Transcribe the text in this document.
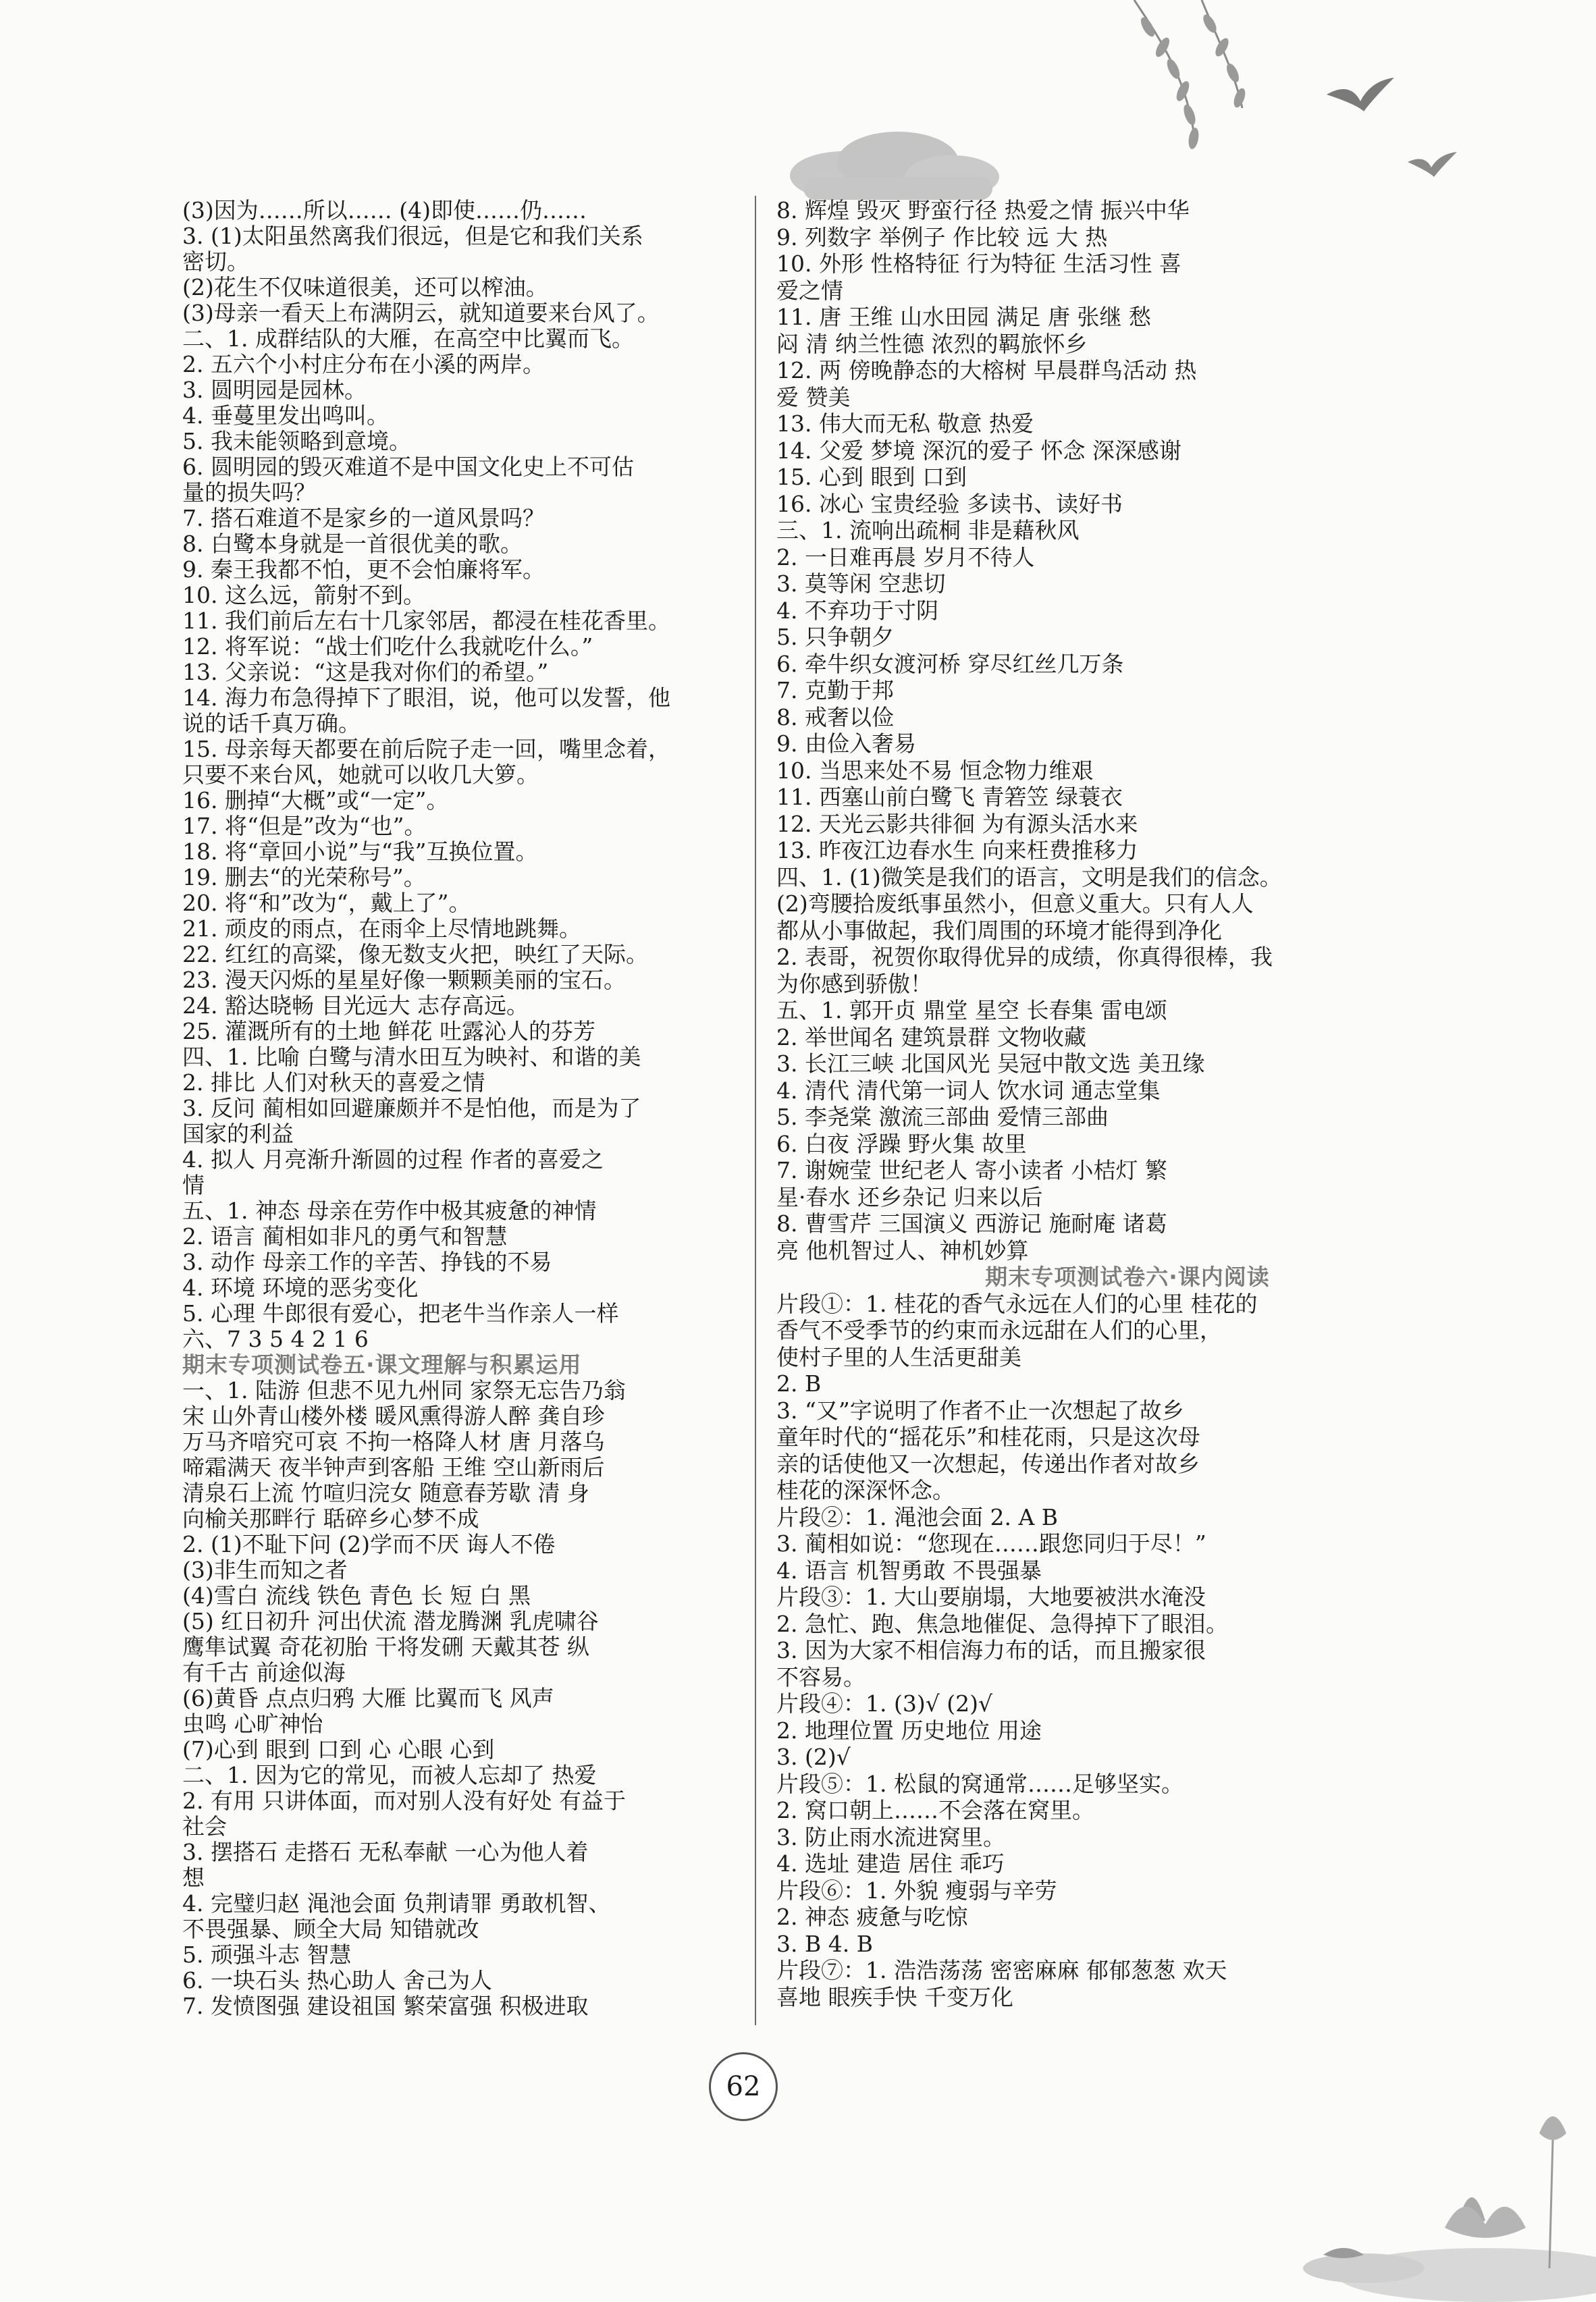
(3)因为……所以…… (4)即使……仍……
3. (1)太阳虽然离我们很远，但是它和我们关系
密切。
(2)花生不仅味道很美，还可以榨油。
(3)母亲一看天上布满阴云，就知道要来台风了。
二、1. 成群结队的大雁，在高空中比翼而飞。
2. 五六个小村庄分布在小溪的两岸。
3. 圆明园是园林。
4. 垂蔓里发出鸣叫。
5. 我未能领略到意境。
6. 圆明园的毁灭难道不是中国文化史上不可估
量的损失吗？
7. 搭石难道不是家乡的一道风景吗？
8. 白鹭本身就是一首很优美的歌。
9. 秦王我都不怕，更不会怕廉将军。
10. 这么远，箭射不到。
11. 我们前后左右十几家邻居，都浸在桂花香里。
12. 将军说：“战士们吃什么我就吃什么。”
13. 父亲说：“这是我对你们的希望。”
14. 海力布急得掉下了眼泪，说，他可以发誓，他
说的话千真万确。
15. 母亲每天都要在前后院子走一回，嘴里念着，
只要不来台风，她就可以收几大箩。
16. 删掉“大概”或“一定”。
17. 将“但是”改为“也”。
18. 将“章回小说”与“我”互换位置。
19. 删去“的光荣称号”。
20. 将“和”改为“，戴上了”。
21. 顽皮的雨点，在雨伞上尽情地跳舞。
22. 红红的高粱，像无数支火把，映红了天际。
23. 漫天闪烁的星星好像一颗颗美丽的宝石。
24. 豁达晓畅 目光远大 志存高远。
25. 灌溉所有的土地 鲜花 吐露沁人的芬芳
四、1. 比喻 白鹭与清水田互为映衬、和谐的美
2. 排比 人们对秋天的喜爱之情
3. 反问 蔺相如回避廉颇并不是怕他，而是为了
国家的利益
4. 拟人 月亮渐升渐圆的过程 作者的喜爱之
情
五、1. 神态 母亲在劳作中极其疲惫的神情
2. 语言 蔺相如非凡的勇气和智慧
3. 动作 母亲工作的辛苦、挣钱的不易
4. 环境 环境的恶劣变化
5. 心理 牛郎很有爱心，把老牛当作亲人一样
六、7 3 5 4 2 1 6
期末专项测试卷五·课文理解与积累运用
一、1. 陆游 但悲不见九州同 家祭无忘告乃翁
宋 山外青山楼外楼 暖风熏得游人醉 龚自珍
万马齐喑究可哀 不拘一格降人材 唐 月落乌
啼霜满天 夜半钟声到客船 王维 空山新雨后
清泉石上流 竹喧归浣女 随意春芳歇 清 身
向榆关那畔行 聒碎乡心梦不成
2. (1)不耻下问 (2)学而不厌 诲人不倦
(3)非生而知之者
(4)雪白 流线 铁色 青色 长 短 白 黑
(5) 红日初升 河出伏流 潜龙腾渊 乳虎啸谷
鹰隼试翼 奇花初胎 干将发硎 天戴其苍 纵
有千古 前途似海
(6)黄昏 点点归鸦 大雁 比翼而飞 风声
虫鸣 心旷神怡
(7)心到 眼到 口到 心 心眼 心到
二、1. 因为它的常见，而被人忘却了 热爱
2. 有用 只讲体面，而对别人没有好处 有益于
社会
3. 摆搭石 走搭石 无私奉献 一心为他人着
想
4. 完璧归赵 渑池会面 负荆请罪 勇敢机智、
不畏强暴、顾全大局 知错就改
5. 顽强斗志 智慧
6. 一块石头 热心助人 舍己为人
7. 发愤图强 建设祖国 繁荣富强 积极进取
8. 辉煌 毁灭 野蛮行径 热爱之情 振兴中华
9. 列数字 举例子 作比较 远 大 热
10. 外形 性格特征 行为特征 生活习性 喜
爱之情
11. 唐 王维 山水田园 满足 唐 张继 愁
闷 清 纳兰性德 浓烈的羁旅怀乡
12. 两 傍晚静态的大榕树 早晨群鸟活动 热
爱 赞美
13. 伟大而无私 敬意 热爱
14. 父爱 梦境 深沉的爱子 怀念 深深感谢
15. 心到 眼到 口到
16. 冰心 宝贵经验 多读书、读好书
三、1. 流响出疏桐 非是藉秋风
2. 一日难再晨 岁月不待人
3. 莫等闲 空悲切
4. 不弃功于寸阴
5. 只争朝夕
6. 牵牛织女渡河桥 穿尽红丝几万条
7. 克勤于邦
8. 戒奢以俭
9. 由俭入奢易
10. 当思来处不易 恒念物力维艰
11. 西塞山前白鹭飞 青箬笠 绿蓑衣
12. 天光云影共徘徊 为有源头活水来
13. 昨夜江边春水生 向来枉费推移力
四、1. (1)微笑是我们的语言，文明是我们的信念。
(2)弯腰拾废纸事虽然小，但意义重大。只有人人
都从小事做起，我们周围的环境才能得到净化
2. 表哥，祝贺你取得优异的成绩，你真得很棒，我
为你感到骄傲！
五、1. 郭开贞 鼎堂 星空 长春集 雷电颂
2. 举世闻名 建筑景群 文物收藏
3. 长江三峡 北国风光 吴冠中散文选 美丑缘
4. 清代 清代第一词人 饮水词 通志堂集
5. 李尧棠 激流三部曲 爱情三部曲
6. 白夜 浮躁 野火集 故里
7. 谢婉莹 世纪老人 寄小读者 小桔灯 繁
星·春水 还乡杂记 归来以后
8. 曹雪芹 三国演义 西游记 施耐庵 诸葛
亮 他机智过人、神机妙算
期末专项测试卷六·课内阅读
片段①：1. 桂花的香气永远在人们的心里 桂花的
香气不受季节的约束而永远甜在人们的心里，
使村子里的人生活更甜美
2. B
3. “又”字说明了作者不止一次想起了故乡
童年时代的“摇花乐”和桂花雨，只是这次母
亲的话使他又一次想起，传递出作者对故乡
桂花的深深怀念。
片段②：1. 渑池会面 2. A B
3. 蔺相如说：“您现在……跟您同归于尽！”
4. 语言 机智勇敢 不畏强暴
片段③：1. 大山要崩塌，大地要被洪水淹没
2. 急忙、跑、焦急地催促、急得掉下了眼泪。
3. 因为大家不相信海力布的话，而且搬家很
不容易。
片段④：1. (3)√ (2)√
2. 地理位置 历史地位 用途
3. (2)√
片段⑤：1. 松鼠的窝通常……足够坚实。
2. 窝口朝上……不会落在窝里。
3. 防止雨水流进窝里。
4. 选址 建造 居住 乖巧
片段⑥：1. 外貌 瘦弱与辛劳
2. 神态 疲惫与吃惊
3. B 4. B
片段⑦：1. 浩浩荡荡 密密麻麻 郁郁葱葱 欢天
喜地 眼疾手快 千变万化
62
